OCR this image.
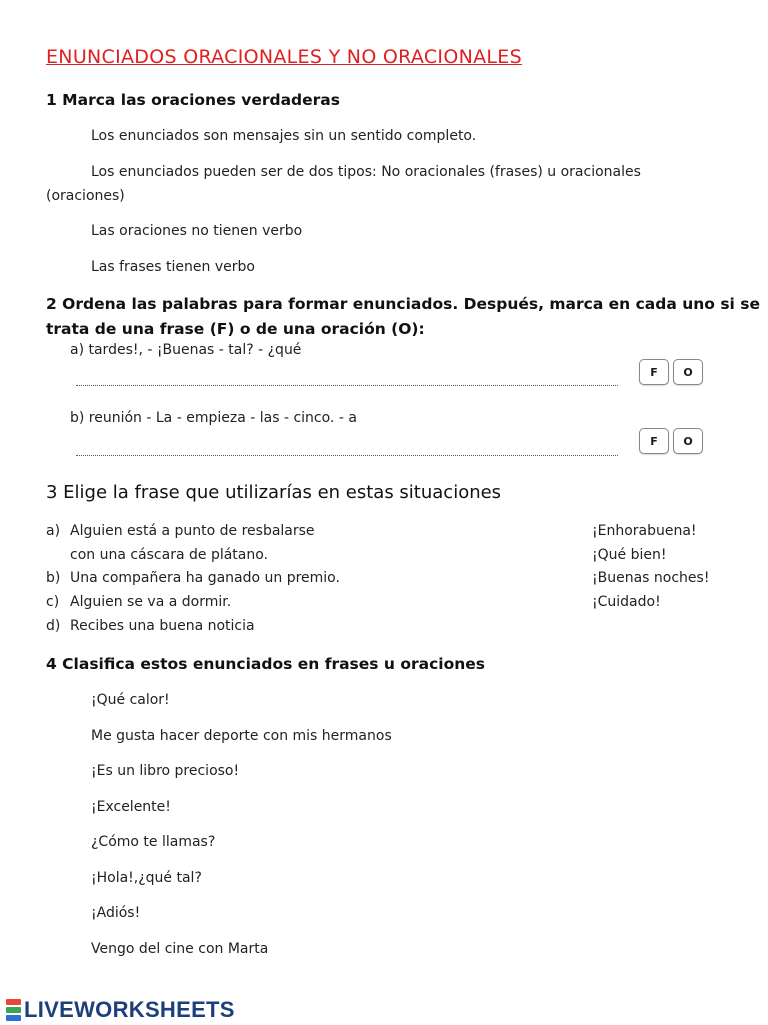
ENUNCIADOS ORACIONALES Y NO ORACIONALES
1 Marca las oraciones verdaderas
Los enunciados son mensajes sin un sentido completo.
Los enunciados pueden ser de dos tipos: No oracionales (frases) u oracionales
(oraciones)
Las oraciones no tienen verbo
Las frases tienen verbo
2 Ordena las palabras para formar enunciados. Después, marca en cada uno si se
trata de una frase (F) o de una oración (O):
a) tardes!, - ¡Buenas - tal? - ¿qué
F	O
b) reunión - La - empieza - las - cinco. - a
F	O
3 Elige la frase que utilizarías en estas situaciones
a) Alguien está a punto de resbalarse
con una cáscara de plátano.
b) Una compañera ha ganado un premio.
c) Alguien se va a dormir.
d) Recibes una buena noticia
¡Enhorabuena!
¡Qué bien!
¡Buenas noches!
¡Cuidado!
4 Clasifica estos enunciados en frases u oraciones
¡Qué calor!
Me gusta hacer deporte con mis hermanos
¡Es un libro precioso!
¡Excelente!
¿Cómo te llamas?
¡Hola!,¿qué tal?
¡Adiós!
Vengo del cine con Marta
LIVEWORKSHEETS
